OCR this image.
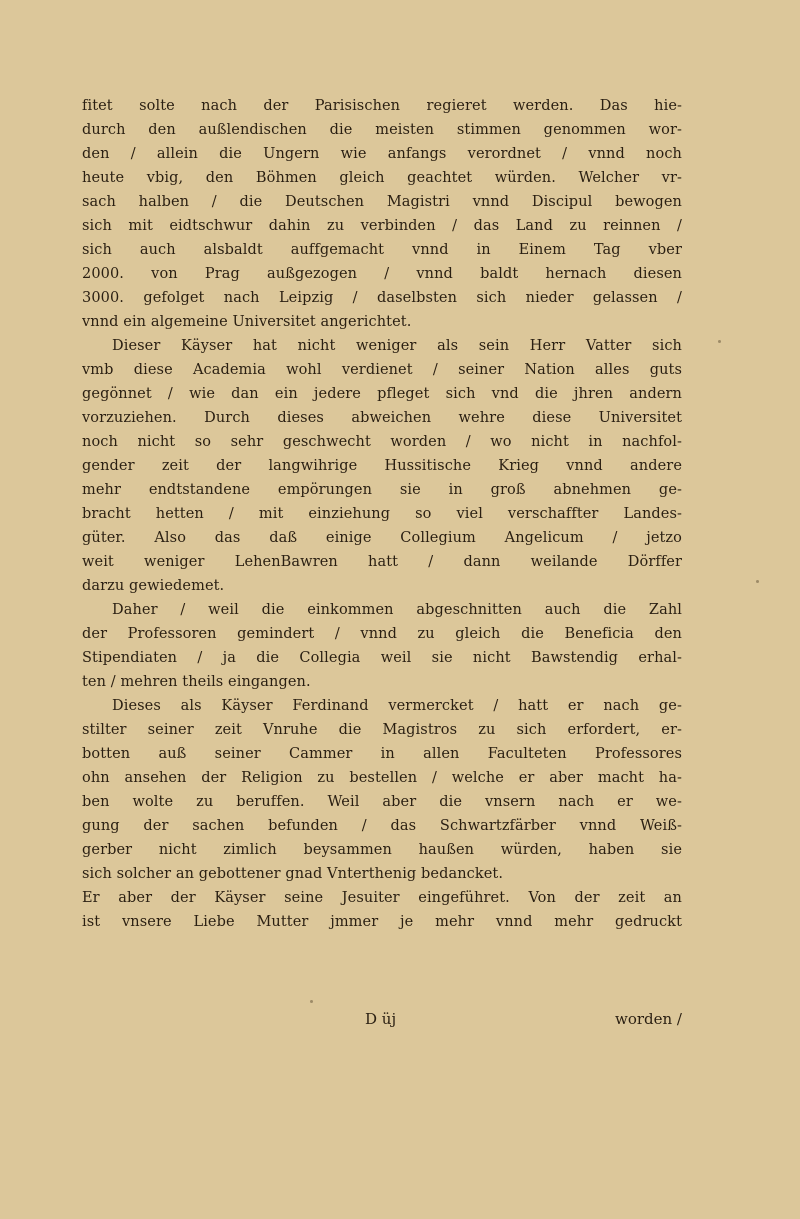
fitet solte nach der Parisischen regieret werden. Das hie-
durch den außlendischen die meisten stimmen genommen wor-
den / allein die Ungern wie anfangs verordnet / vnnd noch
heute vbig, den Böhmen gleich geachtet würden. Welcher vr-
sach halben / die Deutschen Magistri vnnd Discipul bewogen
sich mit eidtschwur dahin zu verbinden / das Land zu reinnen /
sich auch alsbaldt auffgemacht vnnd in Einem Tag vber
2000. von Prag außgezogen / vnnd baldt hernach diesen
3000. gefolget nach Leipzig / daselbsten sich nieder gelassen /
vnnd ein algemeine Universitet angerichtet.
Dieser Käyser hat nicht weniger als sein Herr Vatter sich
vmb diese Academia wohl verdienet / seiner Nation alles guts
gegönnet / wie dan ein jedere pfleget sich vnd die jhren andern
vorzuziehen. Durch dieses abweichen wehre diese Universitet
noch nicht so sehr geschwecht worden / wo nicht in nachfol-
gender zeit der langwihrige Hussitische Krieg vnnd andere
mehr endtstandene empörungen sie in groß abnehmen ge-
bracht hetten / mit einziehung so viel verschaffter Landes-
güter. Also das daß einige Collegium Angelicum / jetzo
weit weniger LehenBawren hatt / dann weilande Dörffer
darzu gewiedemet.
Daher / weil die einkommen abgeschnitten auch die Zahl
der Professoren gemindert / vnnd zu gleich die Beneficia den
Stipendiaten / ja die Collegia weil sie nicht Bawstendig erhal-
ten / mehren theils eingangen.
Dieses als Käyser Ferdinand vermercket / hatt er nach ge-
stilter seiner zeit Vnruhe die Magistros zu sich erfordert, er-
botten auß seiner Cammer in allen Faculteten Professores
ohn ansehen der Religion zu bestellen / welche er aber macht ha-
ben wolte zu beruffen. Weil aber die vnsern nach er we-
gung der sachen befunden / das Schwartzfärber vnnd Weiß-
gerber nicht zimlich beysammen haußen würden, haben sie
sich solcher an gebottener gnad Vnterthenig bedancket.
Er aber der Käyser seine Jesuiter eingeführet. Von der zeit an
ist vnsere Liebe Mutter jmmer je mehr vnnd mehr gedruckt
D üj	worden /
